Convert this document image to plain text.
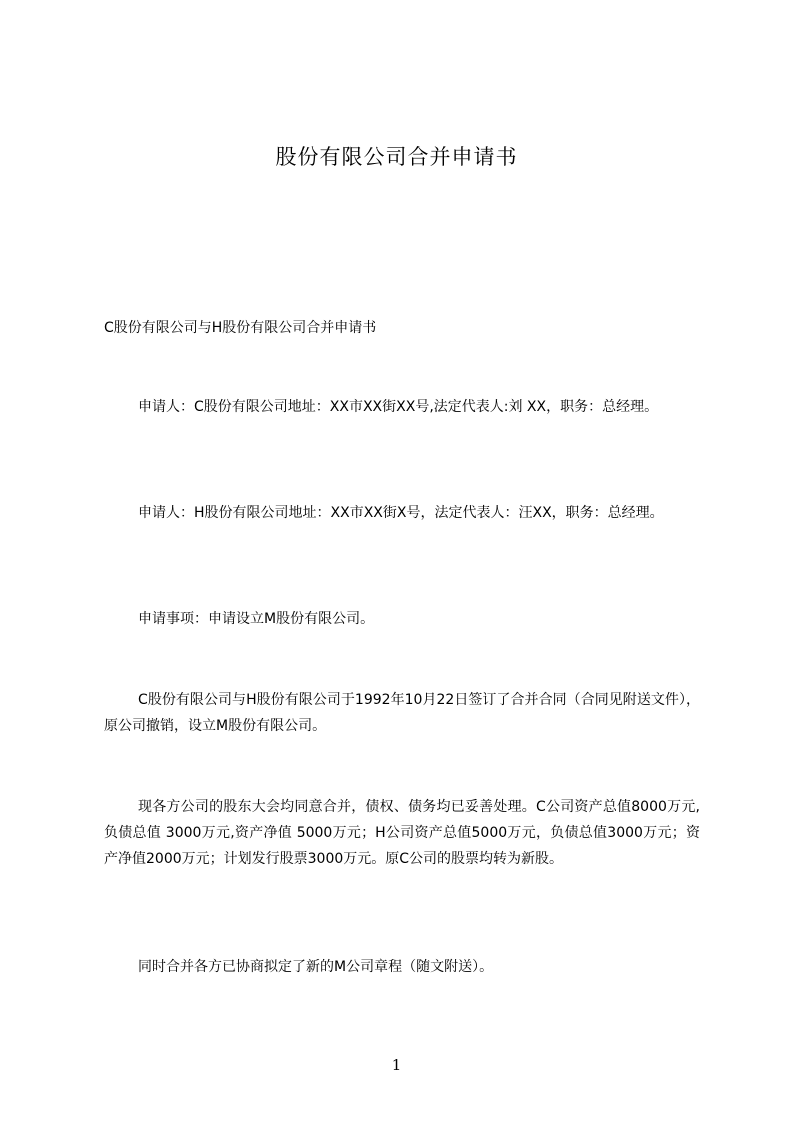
股份有限公司合并申请书
C股份有限公司与H股份有限公司合并申请书

申请人：C股份有限公司地址：XX市XX街XX号,法定代表人:刘 XX，职务：总经理。

申请人：H股份有限公司地址：XX市XX街X号，法定代表人：汪XX，职务：总经理。

申请事项：申请设立M股份有限公司。

C股份有限公司与H股份有限公司于1992年10月22日签订了合并合同（合同见附送文件），原公司撤销，设立M股份有限公司。

现各方公司的股东大会均同意合并，债权、债务均已妥善处理。C公司资产总值8000万元,负债总值 3000万元,资产净值 5000万元；H公司资产总值5000万元，负债总值3000万元；资产净值2000万元；计划发行股票3000万元。原C公司的股票均转为新股。

同时合并各方已协商拟定了新的M公司章程（随文附送）。

1
